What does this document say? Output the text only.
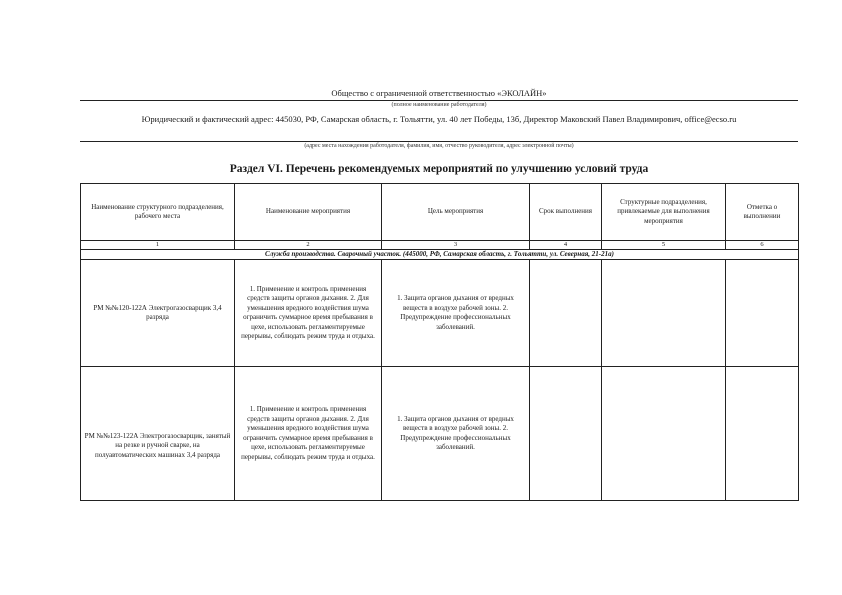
Общество с ограниченной ответственностью «ЭКОЛАЙН»
(полное наименование работодателя)
Юридический и фактический адрес: 445030, РФ, Самарская область, г. Тольятти, ул. 40 лет Победы, 13б, Директор Маковский Павел Владимирович, office@ecso.ru
(адрес места нахождения работодателя, фамилия, имя, отчество руководителя, адрес электронной почты)
Раздел VI. Перечень рекомендуемых мероприятий по улучшению условий труда
Наименование структурного подразделения, рабочего места	Наименование мероприятия	Цель мероприятия	Срок выполнения	Структурные подразделения, привлекаемые для выполнения мероприятия	Отметка о выполнении
1	2	3	4	5	6
Служба производства. Сварочный участок. (445000, РФ, Самарская область, г. Тольятти, ул. Северная, 21-21а)					
РМ №№120-122А Электрогазосварщик 3,4 разряда	1. Применение и контроль применения средств защиты органов дыхания. 2. Для уменьшения вредного воздействия шума ограничить суммарное время пребывания в цехе, использовать регламентируемые перерывы, соблюдать режим труда и отдыха.	1. Защита органов дыхания от вредных веществ в воздухе рабочей зоны. 2. Предупреждение профессиональных заболеваний.			
РМ №№123-122А Электрогазосварщик, занятый на резке и ручной сварке, на полуавтоматических машинах 3,4 разряда	1. Применение и контроль применения средств защиты органов дыхания. 2. Для уменьшения вредного воздействия шума ограничить суммарное время пребывания в цехе, использовать регламентируемые перерывы, соблюдать режим труда и отдыха.	1. Защита органов дыхания от вредных веществ в воздухе рабочей зоны. 2. Предупреждение профессиональных заболеваний.			
